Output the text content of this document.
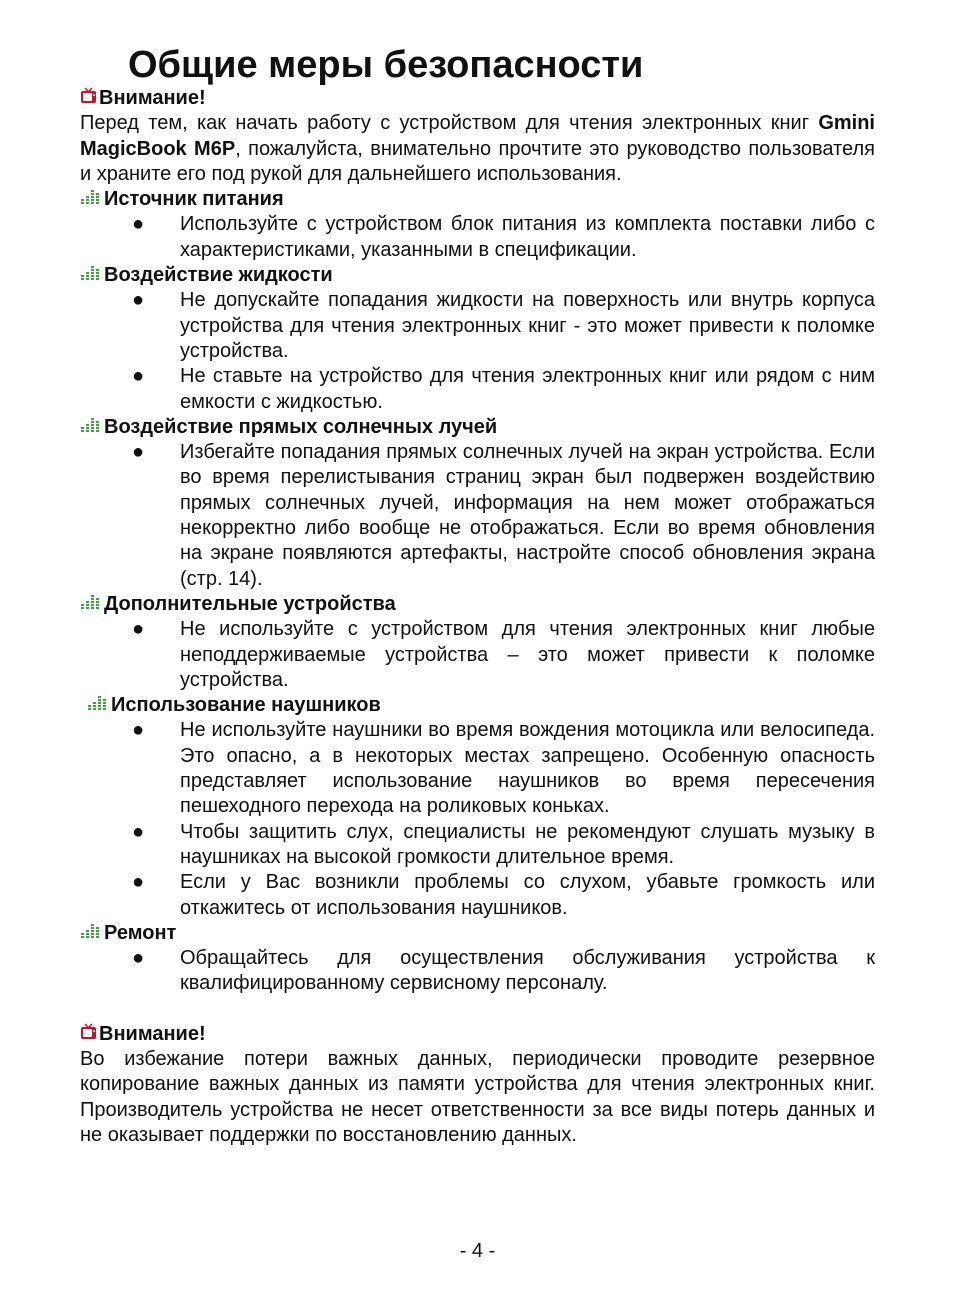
Общие меры безопасности
Внимание!
Перед тем, как начать работу с устройством для чтения электронных книг Gmini MagicBook M6P, пожалуйста, внимательно прочтите это руководство пользователя и храните его под рукой для дальнейшего использования.
Источник питания
● Используйте с устройством блок питания из комплекта поставки либо с характеристиками, указанными в спецификации.
Воздействие жидкости
● Не допускайте попадания жидкости на поверхность или внутрь корпуса устройства для чтения электронных книг - это может привести к поломке устройства.
● Не ставьте на устройство для чтения электронных книг или рядом с ним емкости с жидкостью.
Воздействие прямых солнечных лучей
● Избегайте попадания прямых солнечных лучей на экран устройства. Если во время перелистывания страниц экран был подвержен воздействию прямых солнечных лучей, информация на нем может отображаться некорректно либо вообще не отображаться. Если во время обновления на экране появляются артефакты, настройте способ обновления экрана (стр. 14).
Дополнительные устройства
● Не используйте с устройством для чтения электронных книг любые неподдерживаемые устройства – это может привести к поломке устройства.
Использование наушников
● Не используйте наушники во время вождения мотоцикла или велосипеда. Это опасно, а в некоторых местах запрещено. Особенную опасность представляет использование наушников во время пересечения пешеходного перехода на роликовых коньках.
● Чтобы защитить слух, специалисты не рекомендуют слушать музыку в наушниках на высокой громкости длительное время.
● Если у Вас возникли проблемы со слухом, убавьте громкость или откажитесь от использования наушников.
Ремонт
● Обращайтесь для осуществления обслуживания устройства к квалифицированному сервисному персоналу.
Внимание!
Во избежание потери важных данных, периодически проводите резервное копирование важных данных из памяти устройства для чтения электронных книг. Производитель устройства не несет ответственности за все виды потерь данных и не оказывает поддержки по восстановлению данных.
- 4 -
